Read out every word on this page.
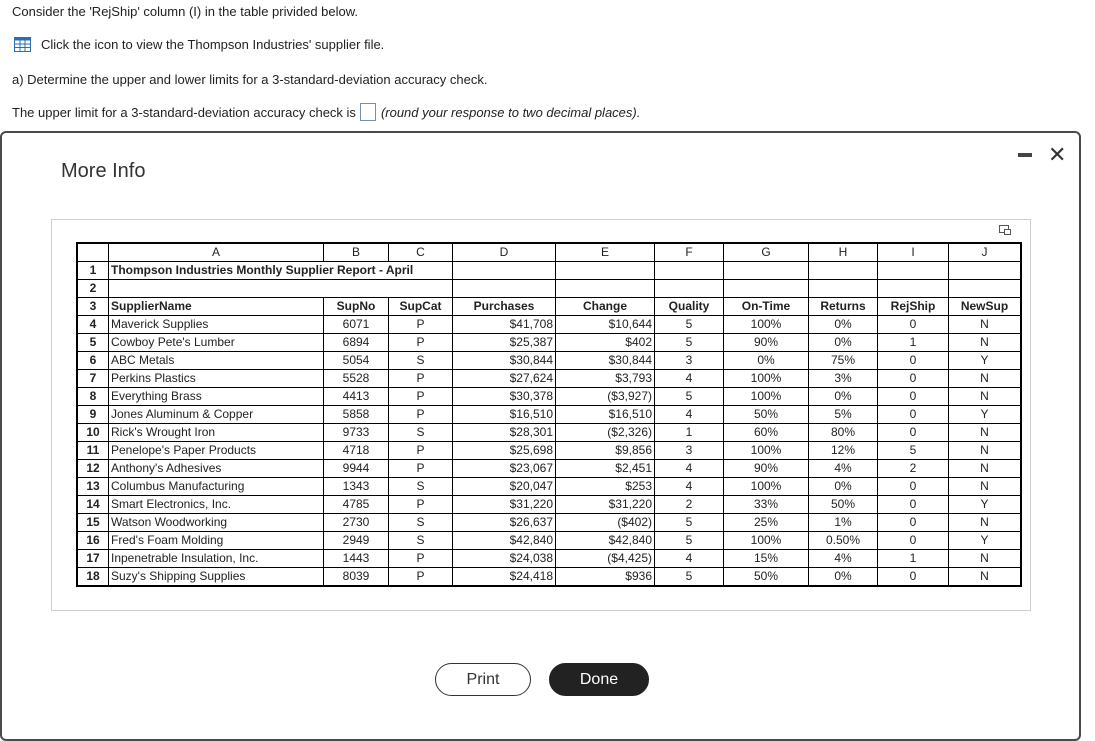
Consider the 'RejShip' column (I) in the table privided below.
Click the icon to view the Thompson Industries' supplier file.
a) Determine the upper and lower limits for a 3-standard-deviation accuracy check.
The upper limit for a 3-standard-deviation accuracy check is (round your response to two decimal places).
More Info
✕
	A	B	C	D	E	F	G	H	I	J
1	Thompson Industries Monthly Supplier Report - April									
2										
3	SupplierName	SupNo	SupCat	Purchases	Change	Quality	On-Time	Returns	RejShip	NewSup
4	Maverick Supplies	6071	P	$41,708	$10,644	5	100%	0%	0	N
5	Cowboy Pete's Lumber	6894	P	$25,387	$402	5	90%	0%	1	N
6	ABC Metals	5054	S	$30,844	$30,844	3	0%	75%	0	Y
7	Perkins Plastics	5528	P	$27,624	$3,793	4	100%	3%	0	N
8	Everything Brass	4413	P	$30,378	($3,927)	5	100%	0%	0	N
9	Jones Aluminum & Copper	5858	P	$16,510	$16,510	4	50%	5%	0	Y
10	Rick's Wrought Iron	9733	S	$28,301	($2,326)	1	60%	80%	0	N
11	Penelope's Paper Products	4718	P	$25,698	$9,856	3	100%	12%	5	N
12	Anthony's Adhesives	9944	P	$23,067	$2,451	4	90%	4%	2	N
13	Columbus Manufacturing	1343	S	$20,047	$253	4	100%	0%	0	N
14	Smart Electronics, Inc.	4785	P	$31,220	$31,220	2	33%	50%	0	Y
15	Watson Woodworking	2730	S	$26,637	($402)	5	25%	1%	0	N
16	Fred's Foam Molding	2949	S	$42,840	$42,840	5	100%	0.50%	0	Y
17	Inpenetrable Insulation, Inc.	1443	P	$24,038	($4,425)	4	15%	4%	1	N
18	Suzy's Shipping Supplies	8039	P	$24,418	$936	5	50%	0%	0	N
Print	Done
